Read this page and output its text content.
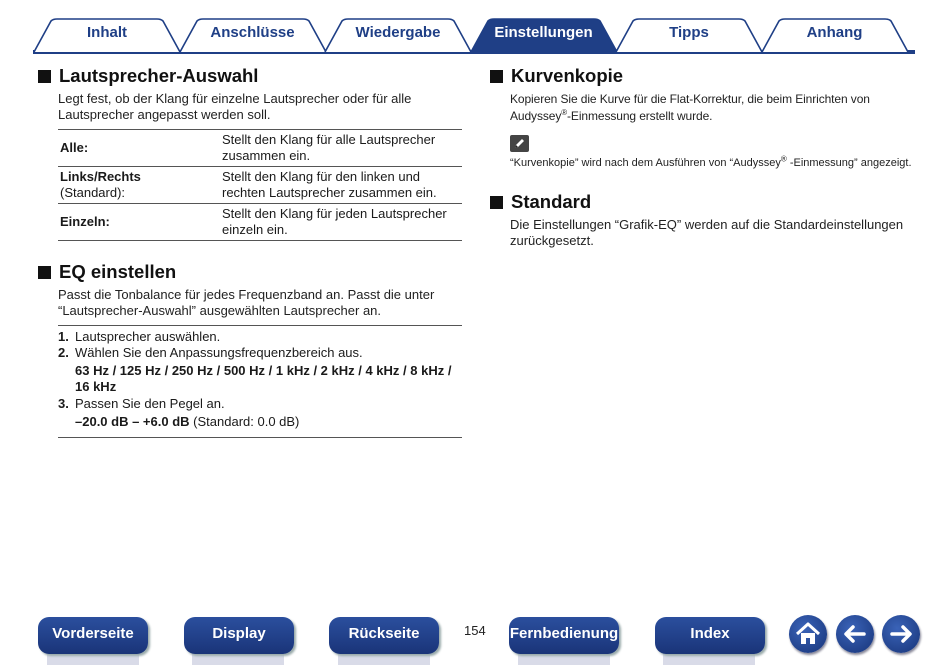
Inhalt	Anschlüsse	Wiedergabe	Einstellungen	Tipps	Anhang
Lautsprecher-Auswahl

Legt fest, ob der Klang für einzelne Lautsprecher oder für alle Lautsprecher angepasst werden soll.

Alle:	Stellt den Klang für alle Lautsprecher zusammen ein.
Links/Rechts
(Standard):	Stellt den Klang für den linken und rechten Lautsprecher zusammen ein.
Einzeln:	Stellt den Klang für jeden Lautsprecher einzeln ein.
EQ einstellen

Passt die Tonbalance für jedes Frequenzband an. Passt die unter “Lautsprecher-Auswahl” ausgewählten Lautsprecher an.

1. Lautsprecher auswählen.
2. Wählen Sie den Anpassungsfrequenzbereich aus.
63 Hz / 125 Hz / 250 Hz / 500 Hz / 1 kHz / 2 kHz / 4 kHz / 8 kHz / 16 kHz
3. Passen Sie den Pegel an.
–20.0 dB – +6.0 dB (Standard: 0.0 dB)
Kurvenkopie

Kopieren Sie die Kurve für die Flat-Korrektur, die beim Einrichten von Audyssey®-Einmessung erstellt wurde.

“Kurvenkopie” wird nach dem Ausführen von “Audyssey® -Einmessung” angezeigt.

Standard

Die Einstellungen “Grafik-EQ” werden auf die Standardeinstellungen zurückgesetzt.

Vorderseite	Display	Rückseite	154 Fernbedienung	Index
